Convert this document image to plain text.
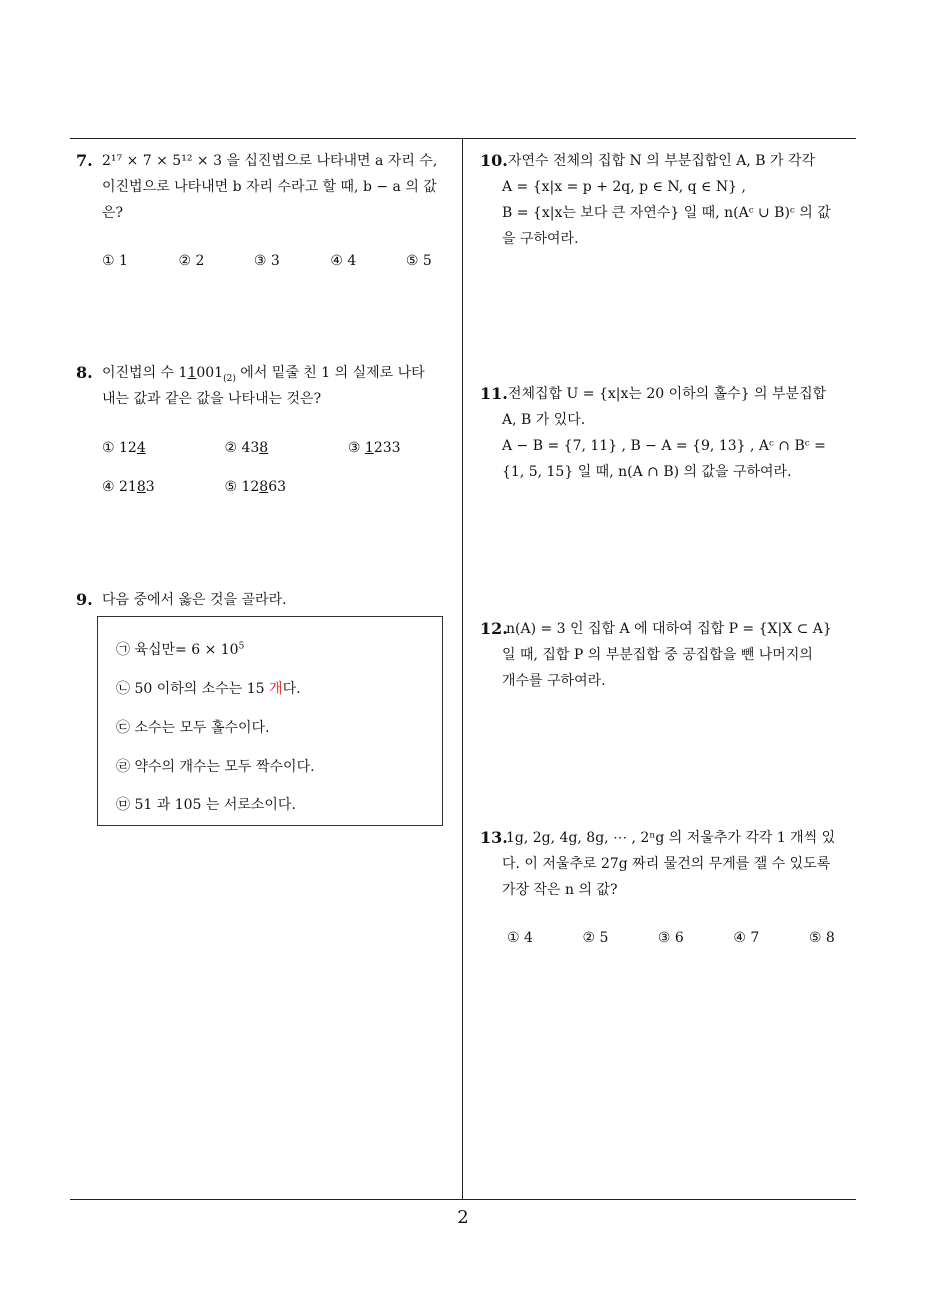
7. 2¹⁷ × 7 × 5¹² × 3 을 십진법으로 나타내면 a 자리 수,
이진법으로 나타내면 b 자리 수라고 할 때, b − a 의 값
은?
① 1	② 2	③ 3	④ 4	⑤ 5
8. 이진법의 수 $11001_{(2)}$ 에서 밑줄 친 1 의 실제로 나타
내는 값과 같은 값을 나타내는 것은?
① 124	② 438	③ 1233
④ 2183	⑤ 12863
9. 다음 중에서 옳은 것을 골라라.
㉠ 육십만= $6 \times 10^5$
㉡ 50 이하의 소수는 15 개다.
㉢ 소수는 모두 홀수이다.
㉣ 약수의 개수는 모두 짝수이다.
㉤ 51 과 105 는 서로소이다.
10. 자연수 전체의 집합 N 의 부분집합인 A, B 가 각각
A = {x|x = p + 2q, p ∈ N, q ∈ N} ,
B = {x|x는 보다 큰 자연수} 일 때, n(Aᶜ ∪ B)ᶜ 의 값
을 구하여라.
11. 전체집합 U = {x|x는 20 이하의 홀수} 의 부분집합
A, B 가 있다.
A − B = {7, 11} , B − A = {9, 13} , Aᶜ ∩ Bᶜ =
{1, 5, 15} 일 때, n(A ∩ B) 의 값을 구하여라.
12.
n(A) = 3 인 집합 A 에 대하여 집합 P = {X|X ⊂ A}
일 때, 집합 P 의 부분집합 중 공집합을 뺀 나머지의
개수를 구하여라.
13.
1g, 2g, 4g, 8g, ⋯ , 2ⁿg 의 저울추가 각각 1 개씩 있
다. 이 저울추로 27g 짜리 물건의 무게를 잴 수 있도록
가장 작은 n 의 값?
① 4	② 5	③ 6	④ 7	⑤ 8
2
